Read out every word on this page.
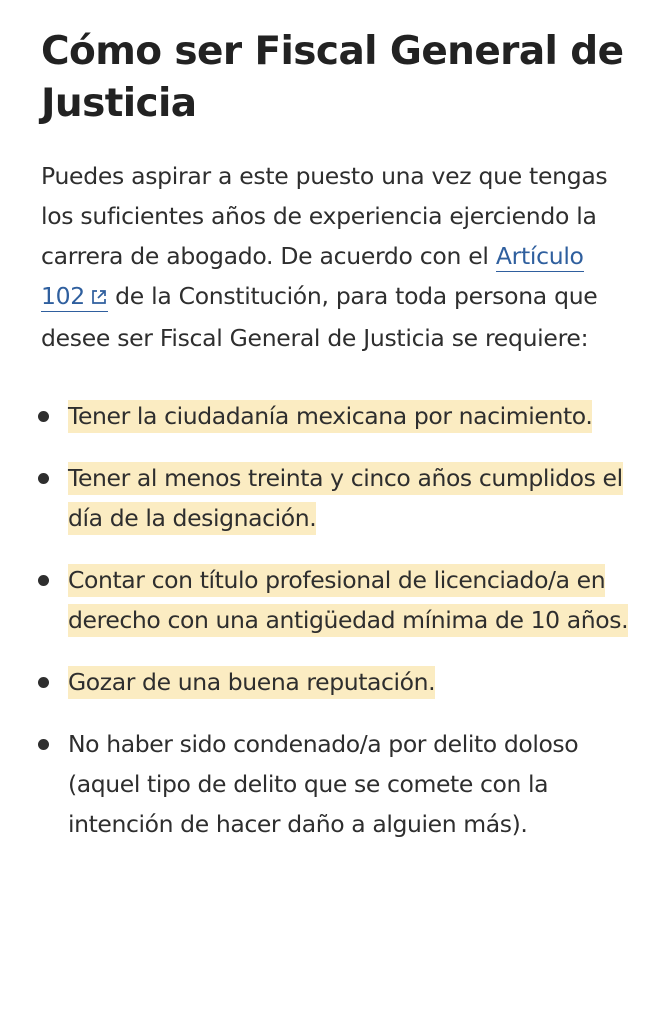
Cómo ser Fiscal General de Justicia

Puedes aspirar a este puesto una vez que tengas los suficientes años de experiencia ejerciendo la carrera de abogado. De acuerdo con el Artículo 102 de la Constitución, para toda persona que desee ser Fiscal General de Justicia se requiere:

Tener la ciudadanía mexicana por nacimiento.
Tener al menos treinta y cinco años cumplidos el día de la designación.
Contar con título profesional de licenciado/a en derecho con una antigüedad mínima de 10 años.
Gozar de una buena reputación.
No haber sido condenado/a por delito doloso (aquel tipo de delito que se comete con la intención de hacer daño a alguien más).
